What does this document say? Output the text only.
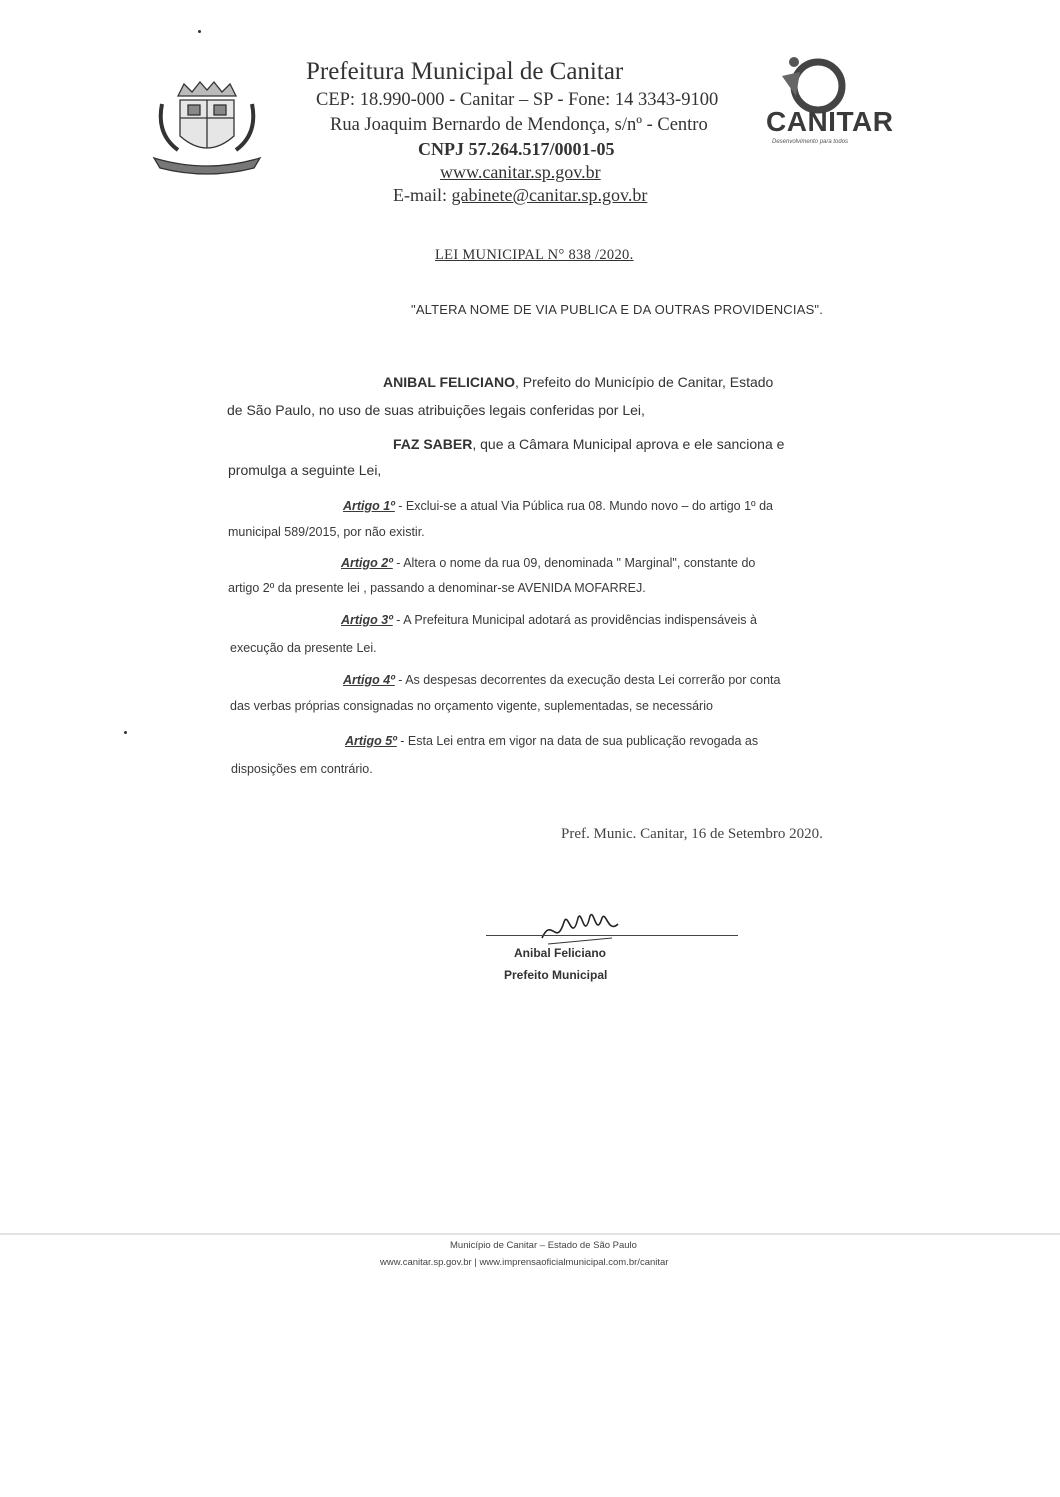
CANITAR
Prefeitura Municipal de Canitar
CEP: 18.990-000 - Canitar – SP - Fone: 14 3343-9100
Rua Joaquim Bernardo de Mendonça, s/nº - Centro
CNPJ 57.264.517/0001-05
www.canitar.sp.gov.br
E-mail: gabinete@canitar.sp.gov.br
CANITAR
Desenvolvimento para todos
LEI MUNICIPAL N° 838 /2020.
"ALTERA NOME DE VIA PUBLICA E DA OUTRAS PROVIDENCIAS".
ANIBAL FELICIANO, Prefeito do Município de Canitar, Estado
de São Paulo, no uso de suas atribuições legais conferidas por Lei,
FAZ SABER, que a Câmara Municipal aprova e ele sanciona e
promulga a seguinte Lei,
Artigo 1º - Exclui-se a atual Via Pública rua 08. Mundo novo – do artigo 1º da
municipal 589/2015, por não existir.
Artigo 2º - Altera o nome da rua 09, denominada " Marginal", constante do
artigo 2º da presente lei , passando a denominar-se AVENIDA MOFARREJ.
Artigo 3º - A Prefeitura Municipal adotará as providências indispensáveis à
execução da presente Lei.
Artigo 4º - As despesas decorrentes da execução desta Lei correrão por conta
das verbas próprias consignadas no orçamento vigente, suplementadas, se necessário
Artigo 5º - Esta Lei entra em vigor na data de sua publicação revogada as
disposições em contrário.
Pref. Munic. Canitar, 16 de Setembro 2020.
Anibal Feliciano
Prefeito Municipal
Município de Canitar – Estado de São Paulo
www.canitar.sp.gov.br | www.imprensaoficialmunicipal.com.br/canitar
